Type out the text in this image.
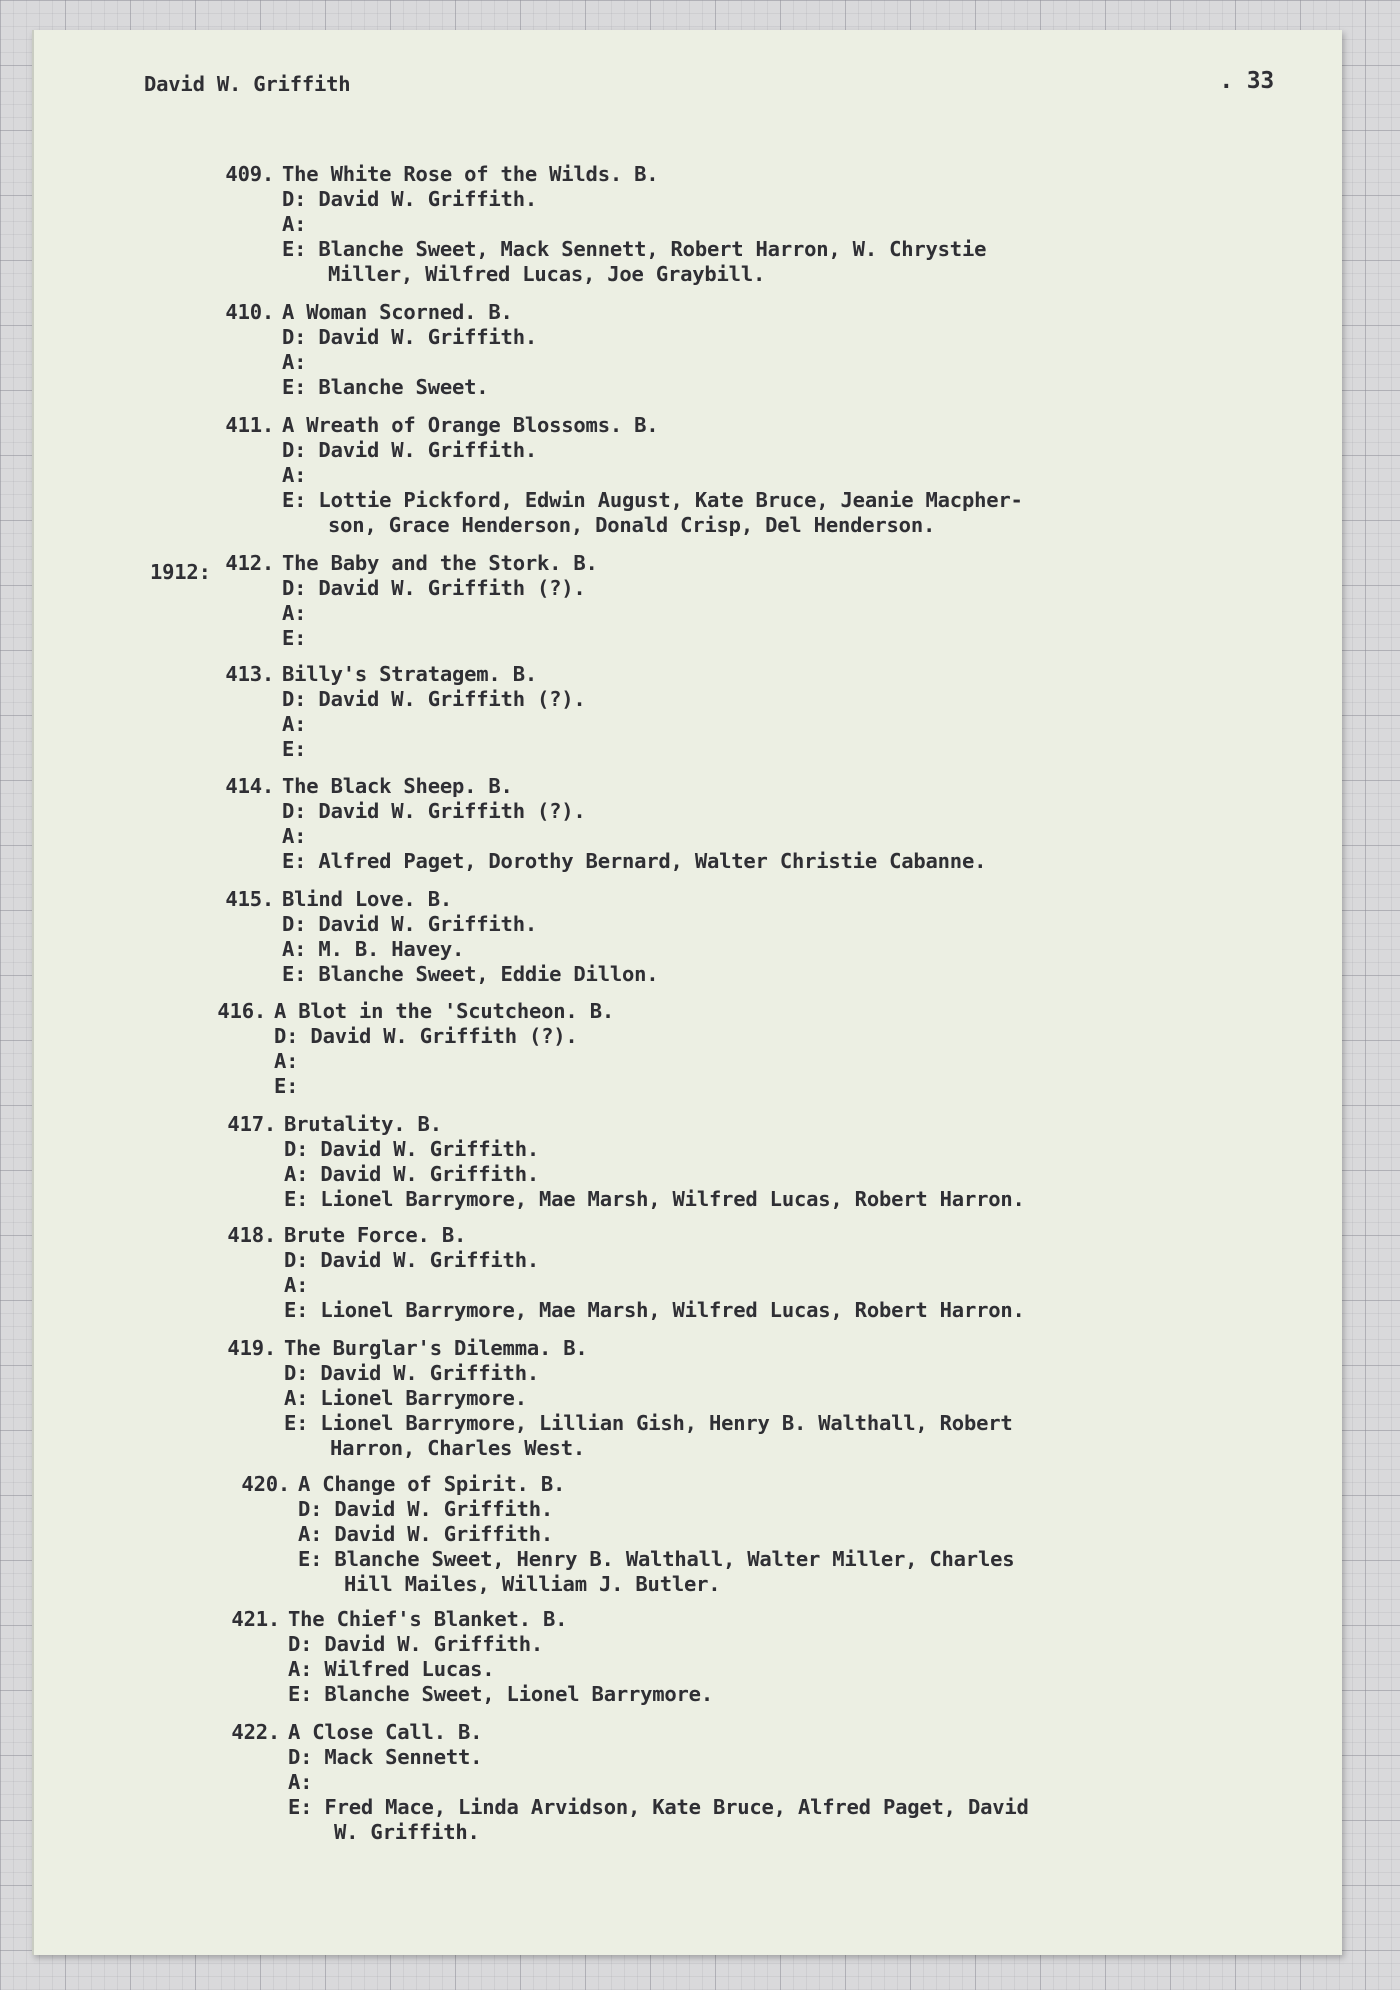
David W. Griffith	. 33
1912:
409. The White Rose of the Wilds. B.
D: David W. Griffith.
A:
E: Blanche Sweet, Mack Sennett, Robert Harron, W. Chrystie
Miller, Wilfred Lucas, Joe Graybill.
410. A Woman Scorned. B.
D: David W. Griffith.
A:
E: Blanche Sweet.
411. A Wreath of Orange Blossoms. B.
D: David W. Griffith.
A:
E: Lottie Pickford, Edwin August, Kate Bruce, Jeanie Macpher-
son, Grace Henderson, Donald Crisp, Del Henderson.
412. The Baby and the Stork. B.
D: David W. Griffith (?).
A:
E:
413. Billy's Stratagem. B.
D: David W. Griffith (?).
A:
E:
414. The Black Sheep. B.
D: David W. Griffith (?).
A:
E: Alfred Paget, Dorothy Bernard, Walter Christie Cabanne.
415. Blind Love. B.
D: David W. Griffith.
A: M. B. Havey.
E: Blanche Sweet, Eddie Dillon.
416. A Blot in the 'Scutcheon. B.
D: David W. Griffith (?).
A:
E:
417. Brutality. B.
D: David W. Griffith.
A: David W. Griffith.
E: Lionel Barrymore, Mae Marsh, Wilfred Lucas, Robert Harron.
418. Brute Force. B.
D: David W. Griffith.
A:
E: Lionel Barrymore, Mae Marsh, Wilfred Lucas, Robert Harron.
419. The Burglar's Dilemma. B.
D: David W. Griffith.
A: Lionel Barrymore.
E: Lionel Barrymore, Lillian Gish, Henry B. Walthall, Robert
Harron, Charles West.
420. A Change of Spirit. B.
D: David W. Griffith.
A: David W. Griffith.
E: Blanche Sweet, Henry B. Walthall, Walter Miller, Charles
Hill Mailes, William J. Butler.
421. The Chief's Blanket. B.
D: David W. Griffith.
A: Wilfred Lucas.
E: Blanche Sweet, Lionel Barrymore.
422. A Close Call. B.
D: Mack Sennett.
A:
E: Fred Mace, Linda Arvidson, Kate Bruce, Alfred Paget, David
W. Griffith.
